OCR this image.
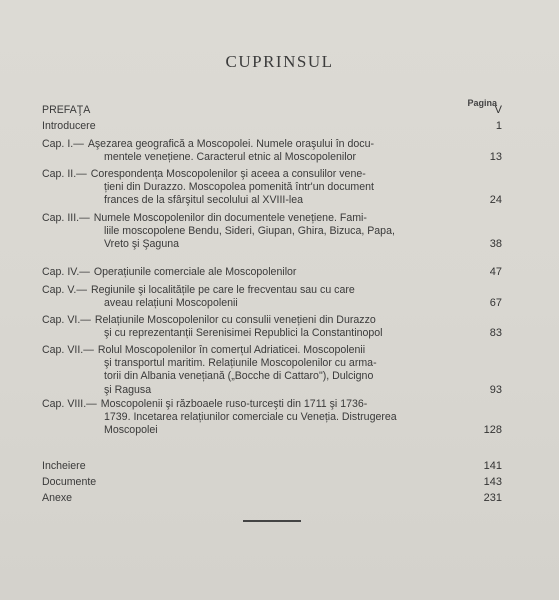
CUPRINSUL
Pagina
PREFAŢA	V
Introducere	1
Cap. I.— Aşezarea geografică a Moscopolei. Numele oraşului în docu-
mentele venețiene. Caracterul etnic al Moscopolenilor	13
Cap. II.— Corespondența Moscopolenilor şi aceea a consulilor vene-
țieni din Durazzo. Moscopolea pomenită într'un document
frances de la sfârşitul secolului al XVIII-lea	24
Cap. III.— Numele Moscopolenilor din documentele venețiene. Fami-
liile moscopolene Bendu, Sideri, Giupan, Ghira, Bizuca, Papa,
Vreto şi Şaguna	38
Cap. IV.— Operațiunile comerciale ale Moscopolenilor	47
Cap. V.— Regiunile şi localitățile pe care le frecventau sau cu care
aveau relațiuni Moscopolenii	67
Cap. VI.— Relațiunile Moscopolenilor cu consulii venețieni din Durazzo
şi cu reprezentanții Serenisimei Republici la Constantinopol	83
Cap. VII.— Rolul Moscopolenilor în comerțul Adriaticei. Moscopolenii
şi transportul maritim. Relațiunile Moscopolenilor cu arma-
torii din Albania venețiană („Bocche di Cattaro"), Dulcigno
şi Ragusa	93
Cap. VIII.— Moscopolenii şi războaele ruso-turceşti din 1711 şi 1736-
1739. Incetarea relațiunilor comerciale cu Veneția. Distrugerea
Moscopolei	128
Incheiere	141
Documente	143
Anexe	231
